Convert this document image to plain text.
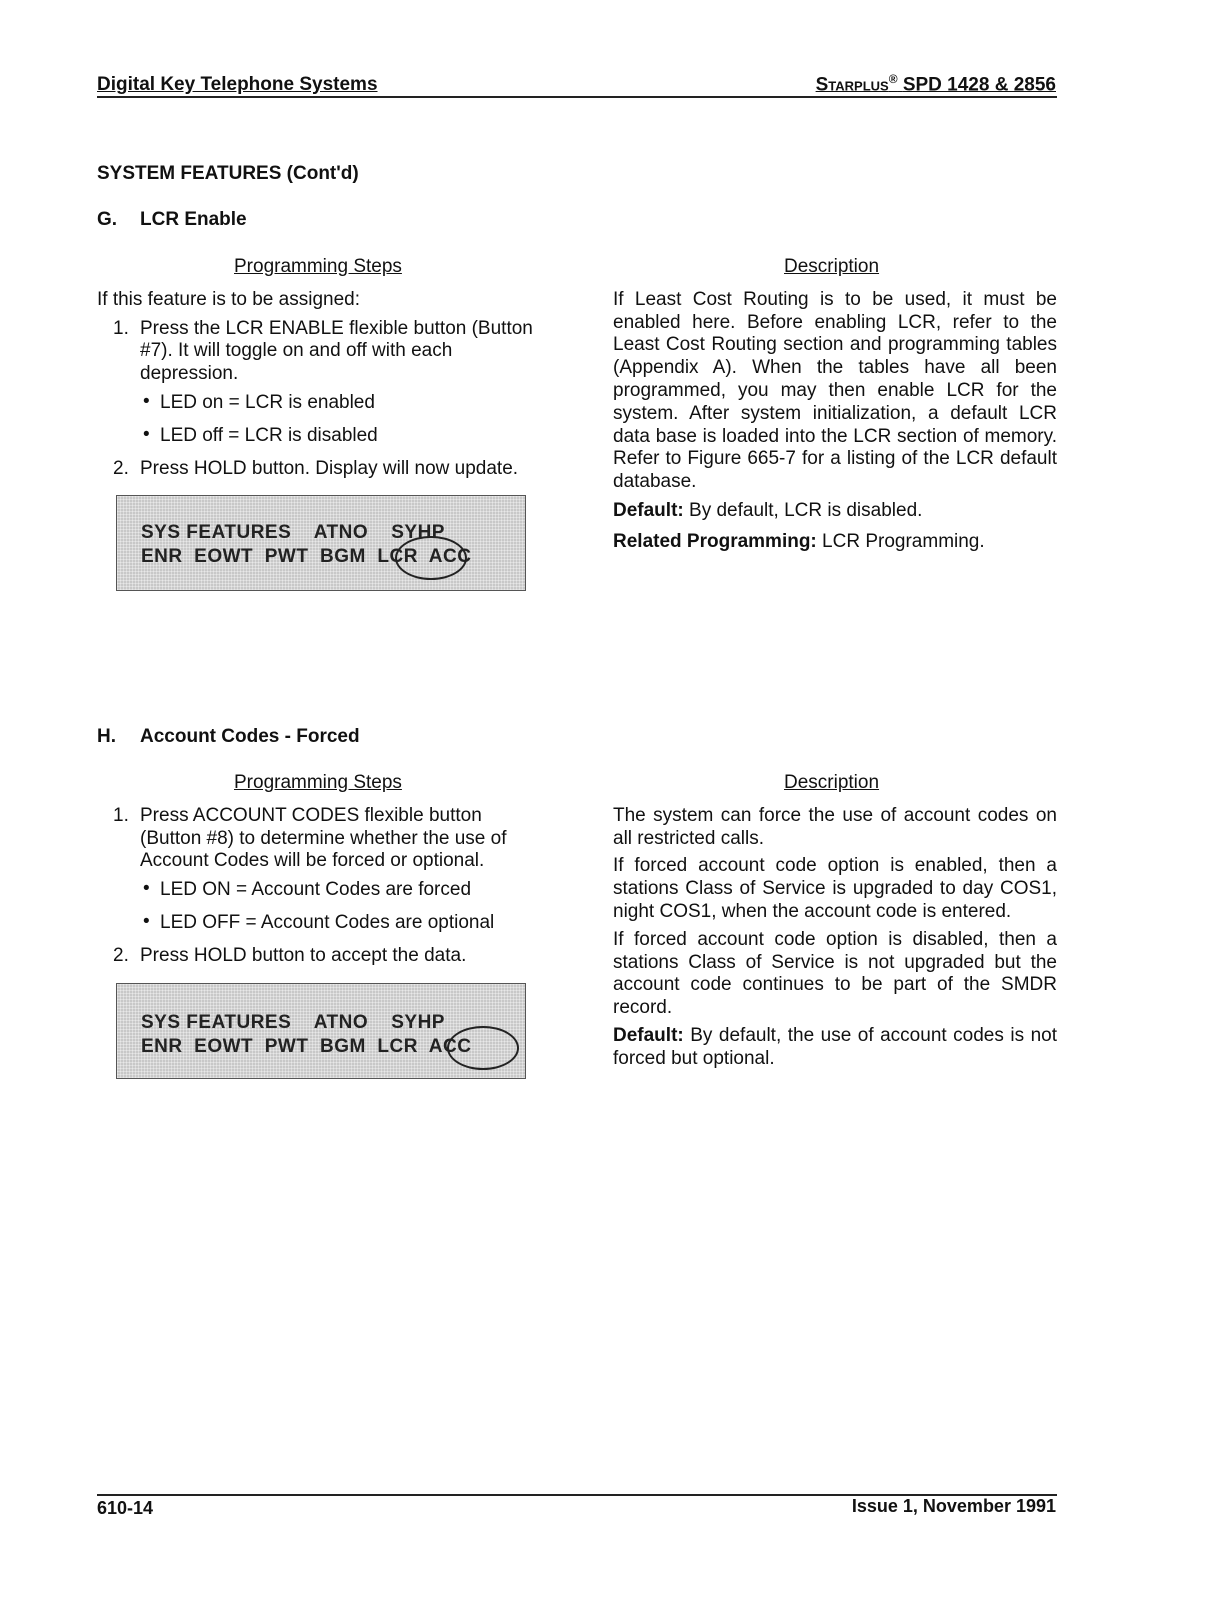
Digital Key Telephone Systems	Starplus® SPD 1428 & 2856
SYSTEM FEATURES (Cont'd)
G. LCR Enable
Programming Steps

If this feature is to be assigned:

1. Press the LCR ENABLE flexible button (Button #7). It will toggle on and off with each depression.
• LED on = LCR is enabled
• LED off = LCR is disabled
2. Press HOLD button. Display will now update.
SYS FEATURES    ATNO    SYHP
ENR  EOWT  PWT  BGM  LCR  ACC
Description

If Least Cost Routing is to be used, it must be enabled here. Before enabling LCR, refer to the Least Cost Routing section and programming tables (Appendix A). When the tables have all been programmed, you may then enable LCR for the system. After system initialization, a default LCR data base is loaded into the LCR section of memory. Refer to Figure 665-7 for a listing of the LCR default database.

Default: By default, LCR is disabled.

Related Programming: LCR Programming.

H. Account Codes - Forced
Programming Steps
1. Press ACCOUNT CODES flexible button (Button #8) to determine whether the use of Account Codes will be forced or optional.
• LED ON = Account Codes are forced
• LED OFF = Account Codes are optional
2. Press HOLD button to accept the data.
SYS FEATURES    ATNO    SYHP
ENR  EOWT  PWT  BGM  LCR  ACC
Description

The system can force the use of account codes on all restricted calls.

If forced account code option is enabled, then a stations Class of Service is upgraded to day COS1, night COS1, when the account code is entered.

If forced account code option is disabled, then a stations Class of Service is not upgraded but the account code continues to be part of the SMDR record.

Default: By default, the use of account codes is not forced but optional.

610-14	Issue 1, November 1991
